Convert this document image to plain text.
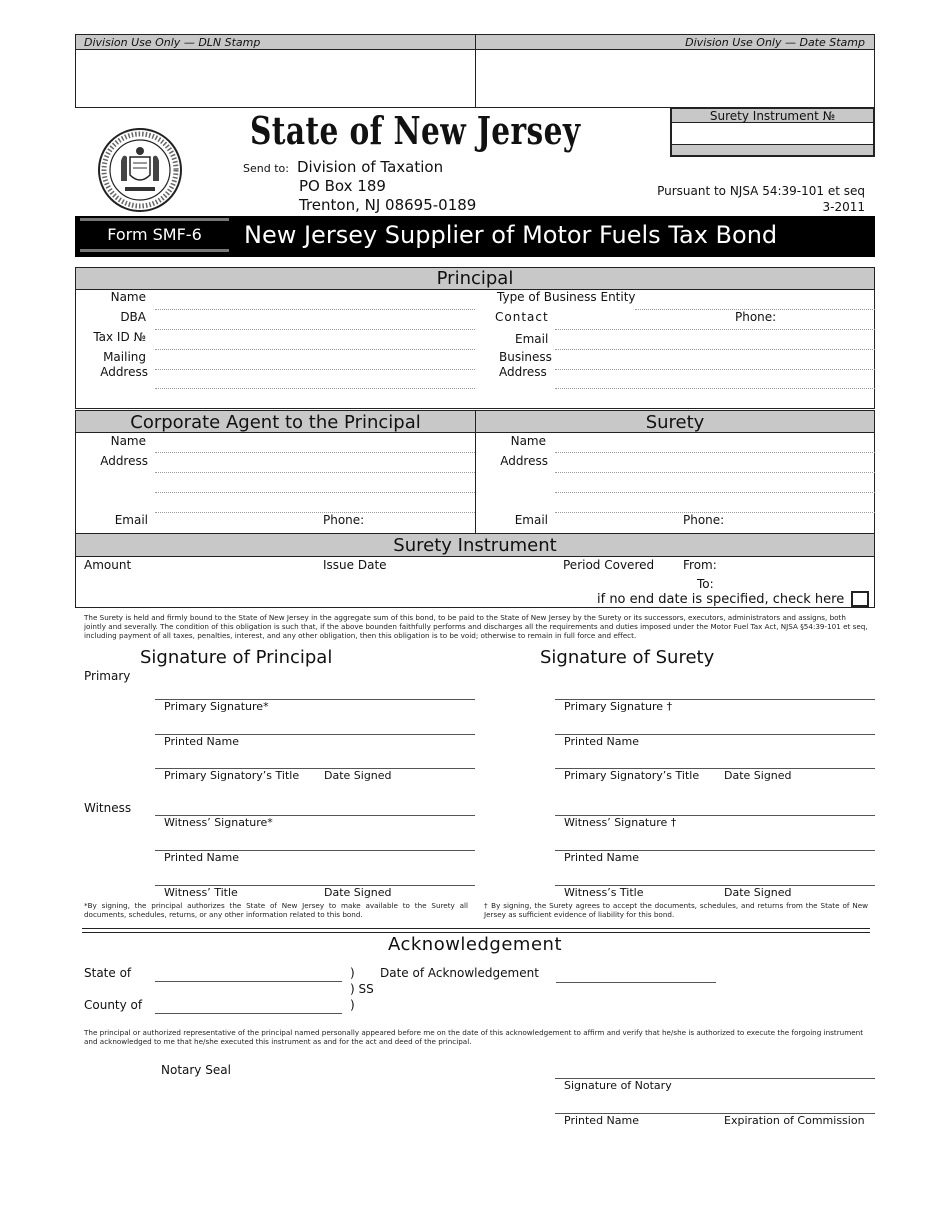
Division Use Only — DLN Stamp	Division Use Only — Date Stamp
State of New Jersey
Send to: Division of Taxation
PO Box 189
Trenton, NJ 08695-0189
Surety Instrument №
Pursuant to NJSA 54:39-101 et seq
3-2011
Form SMF-6	New Jersey Supplier of Motor Fuels Tax Bond
Principal
Name
DBA
Tax ID №
Mailing
Address
Type of Business Entity
Contact	Phone:
Email
Business
Address
Corporate Agent to the Principal	Surety
Name
Address
Email	Phone:
Name
Address
Email	Phone:
Surety Instrument
Amount	Issue Date	Period Covered From:
To:
if no end date is specified, check here
The Surety is held and firmly bound to the State of New Jersey in the aggregate sum of this bond, to be paid to the State of New Jersey by the Surety or its successors, executors, administrators and assigns, both jointly and severally. The condition of this obligation is such that, if the above bounden faithfully performs and discharges all the requirements and duties imposed under the Motor Fuel Tax Act, NJSA §54:39-101 et seq, including payment of all taxes, penalties, interest, and any other obligation, then this obligation is to be void; otherwise to remain in full force and effect.
Signature of Principal	Signature of Surety
Primary
Witness
Primary Signature*
Printed Name
Primary Signatory’s Title Date Signed
Witness’ Signature*
Printed Name
Witness’ Title	Date Signed
Primary Signature †
Printed Name
Primary Signatory’s Title Date Signed
Witness’ Signature †
Printed Name
Witness’s Title	Date Signed
*By signing, the principal authorizes the State of New Jersey to make available to the Surety all documents, schedules, returns, or any other information related to this bond.
† By signing, the Surety agrees to accept the documents, schedules, and returns from the State of New Jersey as sufficient evidence of liability for this bond.
Acknowledgement
State of	)
) SS
)
Date of Acknowledgement
County of
The principal or authorized representative of the principal named personally appeared before me on the date of this acknowledgement to affirm and verify that he/she is authorized to execute the forgoing instrument and acknowledged to me that he/she executed this instrument as and for the act and deed of the principal.
Notary Seal
Signature of Notary
Printed Name	Expiration of Commission
